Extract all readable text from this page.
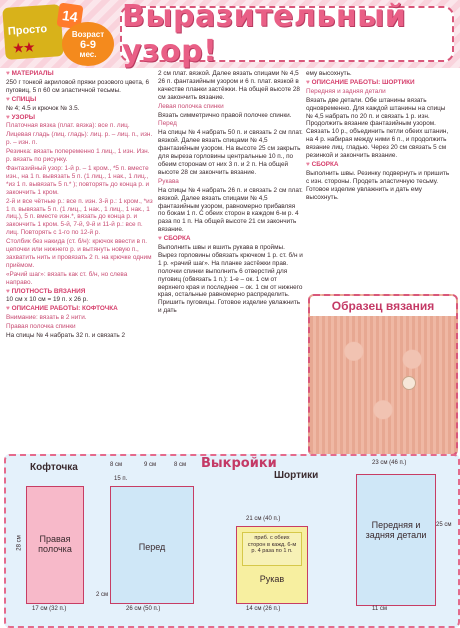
Просто
★★
14
Возраст
6-9
мес.
Выразительный узор!
♥ МАТЕРИАЛЫ
250 г тонкой акриловой пряжи розового цвета, 6 пуговиц, 5 п 60 см эластичной тесьмы.
♥ СПИЦЫ
№ 4; 4.5 и крючок № 3.5.
♥ УЗОРЫ
Платочная вязка (плат. вязка): все п. лиц.
Лицевая гладь (лиц. гладь): лиц. р. – лиц. п., изн. р. – изн. п.
Резинка: вязать попеременно 1 лиц., 1 изн. Изн. р. вязать по рисунку.
Фантазийный узор: 1-й р. – 1 кром., *5 п. вместе изн., на 1 п. вывязать 5 п. (1 лиц., 1 нак., 1 лиц., *из 1 п. вывязать 5 п.* ); повторять до конца р. и закончить 1 кром.
2-й и все чётные р.: все п. изн. 3-й р.: 1 кром., *из 1 п. вывязать 5 п. (1 лиц., 1 нак., 1 лиц., 1 нак., 1 лиц.), 5 п. вместе изн.*, вязать до конца р. и закончить 1 кром. 5-й, 7-й, 9-й и 11-й р.: все п. лиц. Повторять с 1-го по 12-й р.
Столбик без накида (ст. б/н): крючок ввести в п. цепочки или нижнего р. и вытянуть новую п., захватить нить и провязать 2 п. на крючке одним приёмом.
«Рачий шаг»: вязать как ст. б/н, но слева направо.
♥ ПЛОТНОСТЬ ВЯЗАНИЯ
10 см х 10 см = 19 п. х 26 р.
♥ ОПИСАНИЕ РАБОТЫ: КОФТОЧКА
Внимание: вязать в 2 нити.
Правая полочка спинки
На спицы № 4 набрать 32 п. и связать 2
2 см плат. вязкой. Далее вязать спицами № 4,5 26 п. фантазийным узором и 6 п. плат. вязкой в качестве планки застёжки. На общей высоте 28 см закончить вязание.
Левая полочка спинки
Вязать симметрично правой полочке спинки.
Перед
На спицы № 4 набрать 50 п. и связать 2 см плат. вязкой. Далее вязать спицами № 4,5 фантазийным узором. На высоте 25 см закрыть для выреза горловины центральные 10 п., по обеим сторонам от них 3 п. и 2 п. На общей высоте 28 см закончить вязание.
Рукава
На спицы № 4 набрать 26 п. и связать 2 см плат. вязкой. Далее вязать спицами № 4,5 фантазийным узором, равномерно прибавляя по бокам 1 п. С обеих сторон в каждом 6-м р. 4 раза по 1 п. На общей высоте 21 см закончить вязание.
♥ СБОРКА
Выполнить швы и вшить рукава в проймы. Вырез горловины обвязать крючком 1 р. ст. б/н и 1 р. «рачий шаг». На планке застёжки прав. полочки спинки выполнить 6 отверстий для пуговиц (обвязать 1 п.): 1-е – ок. 1 см от верхнего края и последнее – ок. 1 см от нижнего края, остальные равномерно распределить. Пришить пуговицы. Готовое изделие увлажнить и дать
ему высохнуть.
♥ ОПИСАНИЕ РАБОТЫ: ШОРТИКИ
Передняя и задняя детали
Вязать две детали. Обе штанины вязать одновременно. Для каждой штанины на спицы № 4,5 набрать по 20 п. и связать 1 р. изн. Продолжить вязание фантазийным узором. Связать 10 р., объединить петли обеих штанин, на 4 р. набирая между ними 6 п., и продолжить вязание лиц. гладью. Через 20 см связать 5 см резинкой и закончить вязание.
♥ СБОРКА
Выполнить швы. Резинку подвернуть и пришить с изн. стороны. Продеть эластичную тесьму. Готовое изделие увлажнить и дать ему высохнуть.
Образец вязания
Выкройки
Кофточка
Шортики
Правая полочка
28 см
17 см (32 п.)
Перед
8 см	9 см	8 см
15 п.
26 см (50 п.)
2 см
приб. с обеих сторон в кажд. 6-м р. 4 раза по 1 п.
Рукав
21 см (40 п.)
14 см (26 п.)
Передняя и задняя детали
23 см (46 п.)
25 см
11 см
